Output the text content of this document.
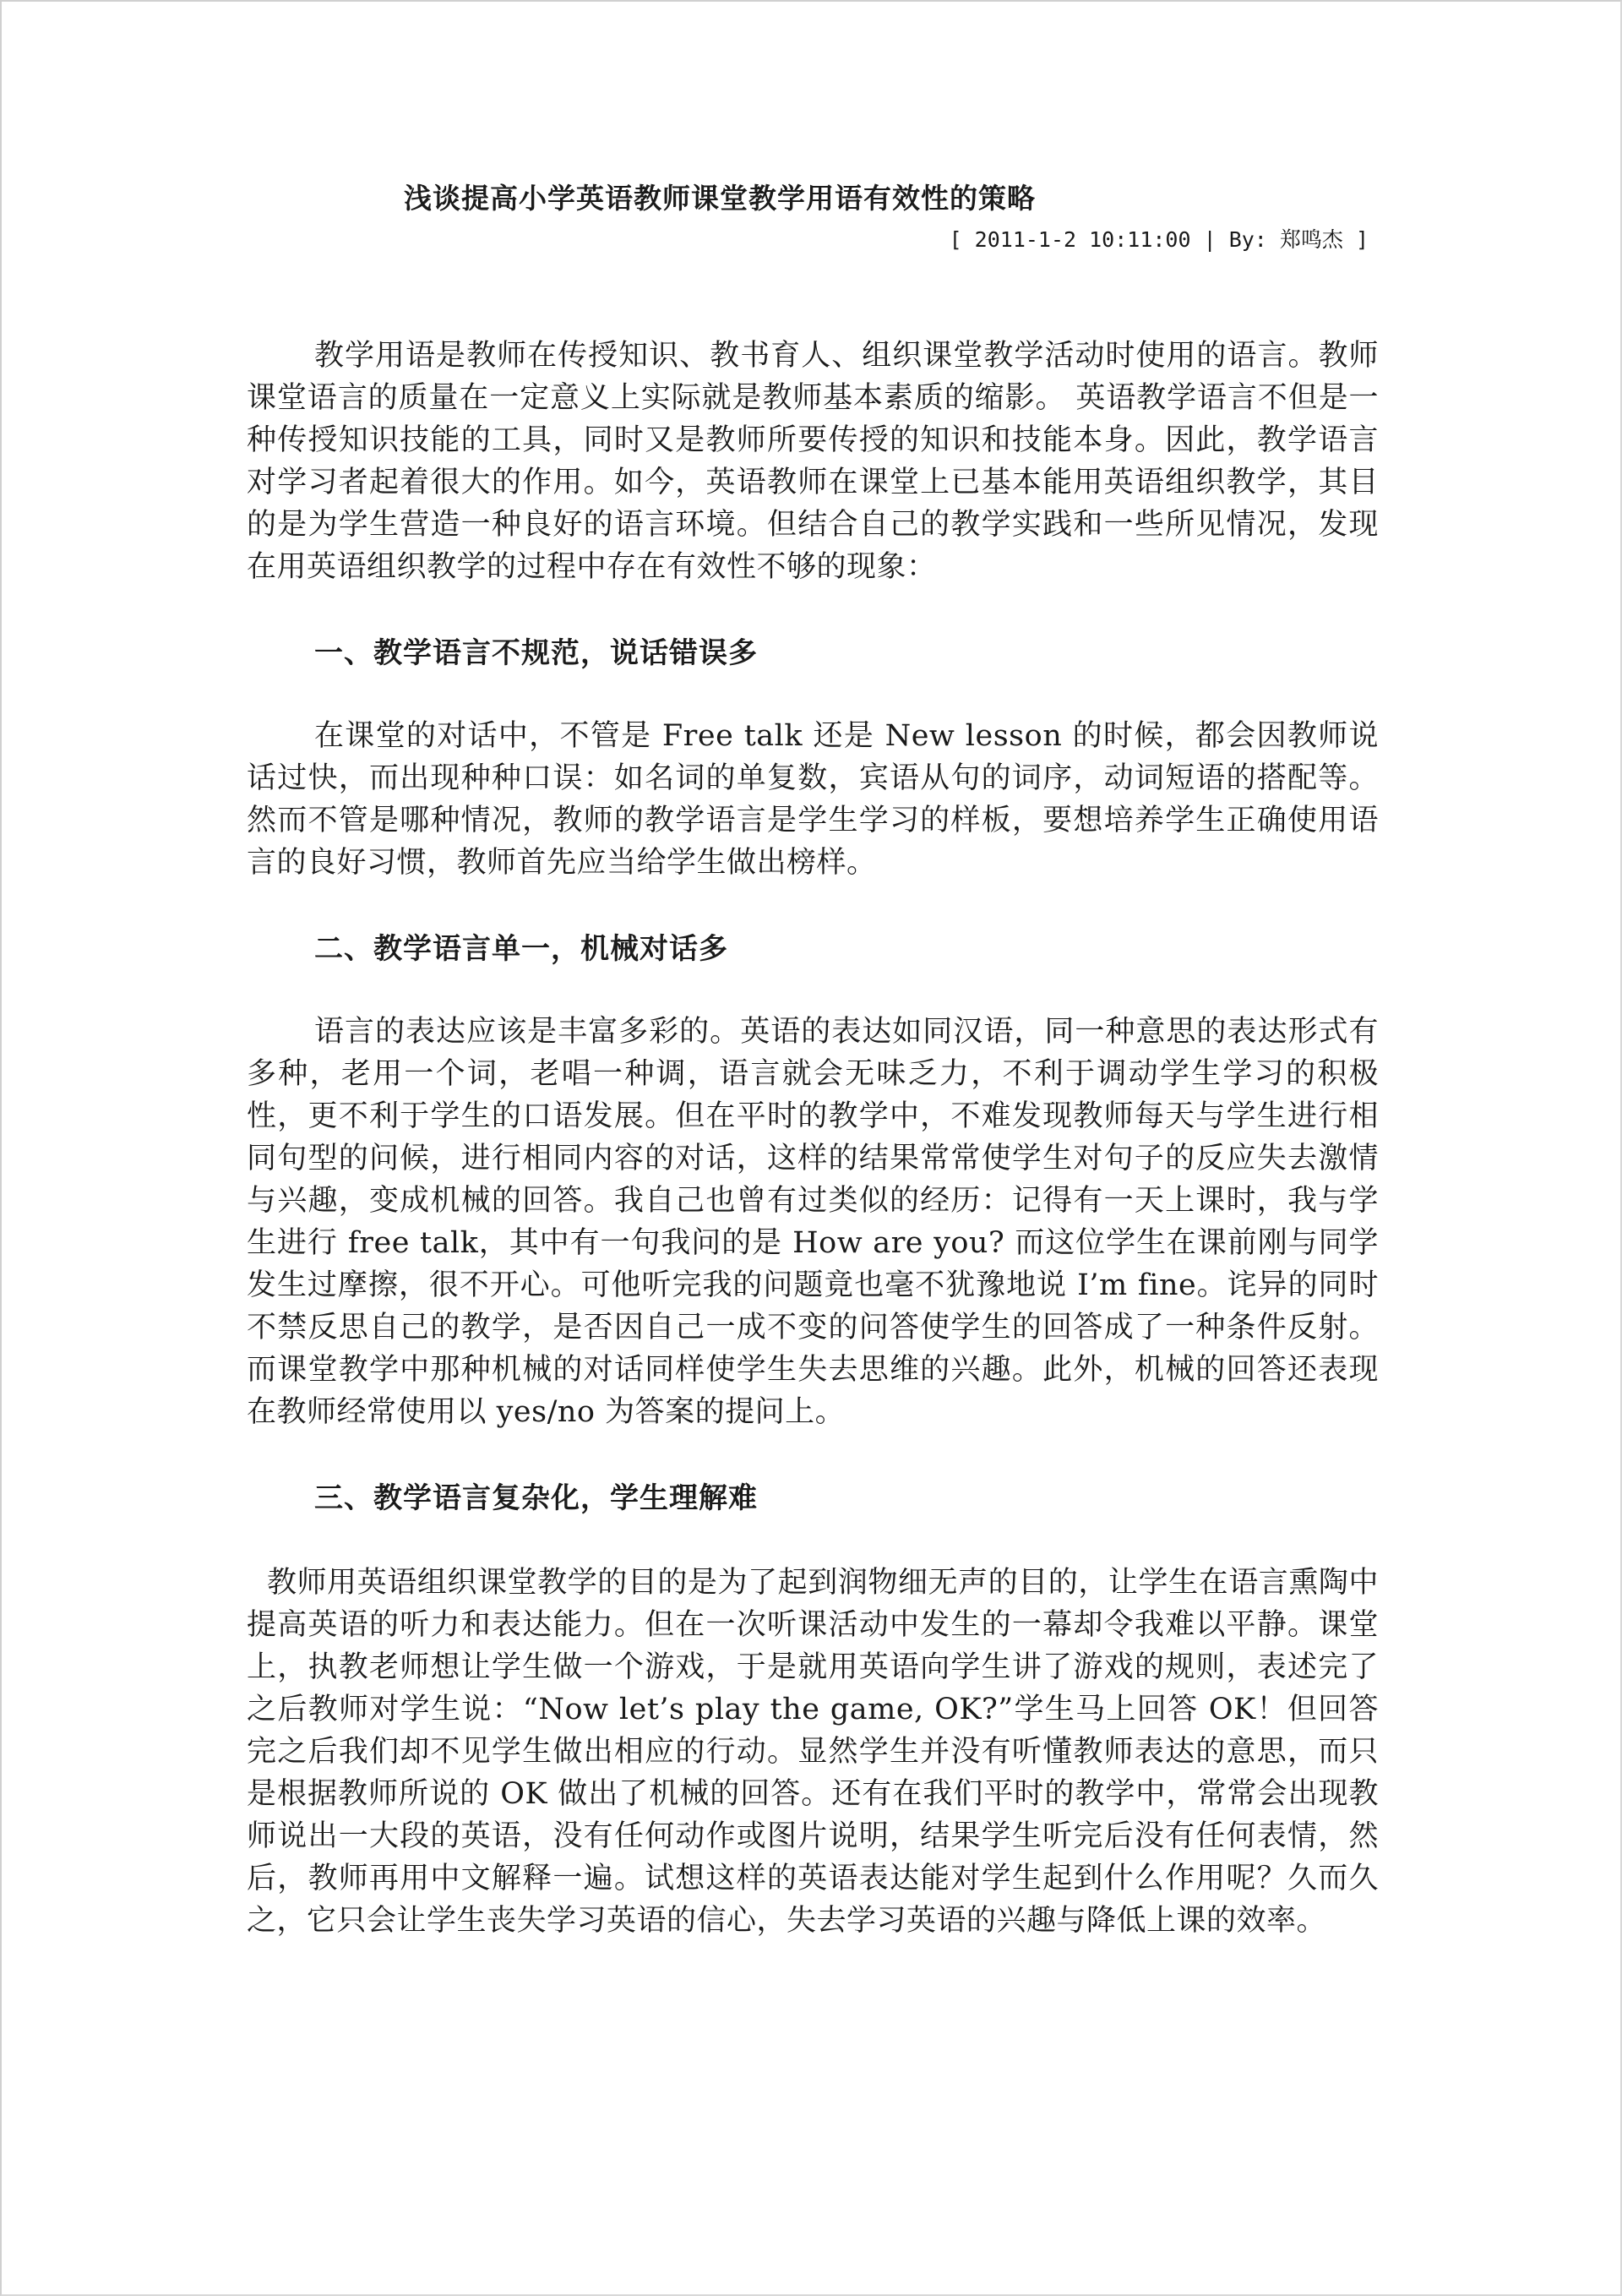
浅谈提高小学英语教师课堂教学用语有效性的策略
[ 2011-1-2 10:11:00 | By: 郑鸣杰 ]

教学用语是教师在传授知识、教书育人、组织课堂教学活动时使用的语言。教师课堂语言的质量在一定意义上实际就是教师基本素质的缩影。 英语教学语言不但是一种传授知识技能的工具，同时又是教师所要传授的知识和技能本身。因此，教学语言对学习者起着很大的作用。如今，英语教师在课堂上已基本能用英语组织教学，其目的是为学生营造一种良好的语言环境。但结合自己的教学实践和一些所见情况，发现在用英语组织教学的过程中存在有效性不够的现象：

一、教学语言不规范，说话错误多

在课堂的对话中，不管是 Free talk 还是 New lesson 的时候，都会因教师说话过快，而出现种种口误：如名词的单复数，宾语从句的词序，动词短语的搭配等。然而不管是哪种情况，教师的教学语言是学生学习的样板，要想培养学生正确使用语言的良好习惯，教师首先应当给学生做出榜样。

二、教学语言单一，机械对话多

语言的表达应该是丰富多彩的。英语的表达如同汉语，同一种意思的表达形式有多种，老用一个词，老唱一种调，语言就会无味乏力，不利于调动学生学习的积极性，更不利于学生的口语发展。但在平时的教学中，不难发现教师每天与学生进行相同句型的问候，进行相同内容的对话，这样的结果常常使学生对句子的反应失去激情与兴趣，变成机械的回答。我自己也曾有过类似的经历：记得有一天上课时，我与学生进行 free talk，其中有一句我问的是 How are you? 而这位学生在课前刚与同学发生过摩擦，很不开心。可他听完我的问题竟也毫不犹豫地说 I’m fine。诧异的同时不禁反思自己的教学，是否因自己一成不变的问答使学生的回答成了一种条件反射。而课堂教学中那种机械的对话同样使学生失去思维的兴趣。此外，机械的回答还表现在教师经常使用以 yes/no 为答案的提问上。

三、教学语言复杂化，学生理解难

教师用英语组织课堂教学的目的是为了起到润物细无声的目的，让学生在语言熏陶中提高英语的听力和表达能力。但在一次听课活动中发生的一幕却令我难以平静。课堂上，执教老师想让学生做一个游戏，于是就用英语向学生讲了游戏的规则，表述完了之后教师对学生说：“Now let’s play the game, OK?”学生马上回答 OK！但回答完之后我们却不见学生做出相应的行动。显然学生并没有听懂教师表达的意思，而只是根据教师所说的 OK 做出了机械的回答。还有在我们平时的教学中，常常会出现教师说出一大段的英语，没有任何动作或图片说明，结果学生听完后没有任何表情，然后，教师再用中文解释一遍。试想这样的英语表达能对学生起到什么作用呢？久而久之，它只会让学生丧失学习英语的信心，失去学习英语的兴趣与降低上课的效率。
